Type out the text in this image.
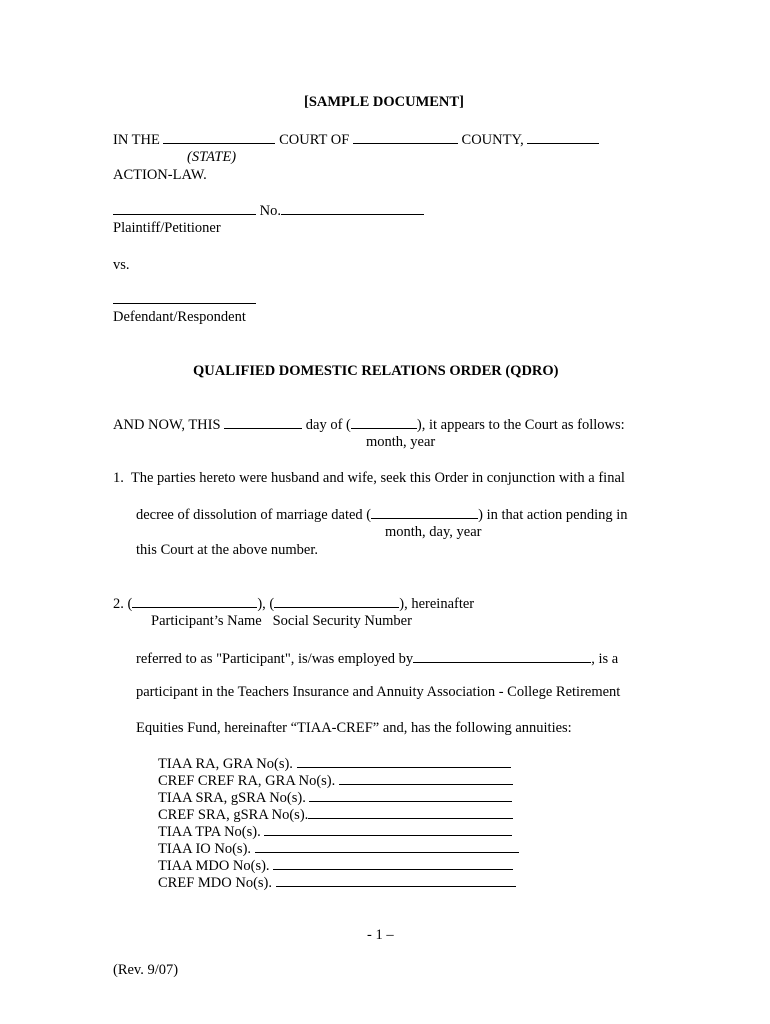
[SAMPLE DOCUMENT]
IN THE	COURT OF	COUNTY,
(STATE)
ACTION-LAW.
No.
Plaintiff/Petitioner
vs.
Defendant/Respondent
QUALIFIED DOMESTIC RELATIONS ORDER (QDRO)
AND NOW, THIS	day of (	), it appears to the Court as follows:
month, year
1.  The parties hereto were husband and wife, seek this Order in conjunction with a final
decree of dissolution of marriage dated (	) in that action pending in
month, day, year
this Court at the above number.
2. (	), (	), hereinafter
Participant’s Name   Social Security Number
referred to as "Participant", is/was employed by	, is a
participant in the Teachers Insurance and Annuity Association - College Retirement
Equities Fund, hereinafter “TIAA-CREF” and, has the following annuities:
TIAA RA, GRA No(s).
CREF CREF RA, GRA No(s).
TIAA SRA, gSRA No(s).
CREF SRA, gSRA No(s).
TIAA TPA No(s).
TIAA IO No(s).
TIAA MDO No(s).
CREF MDO No(s).
- 1 –
(Rev. 9/07)
